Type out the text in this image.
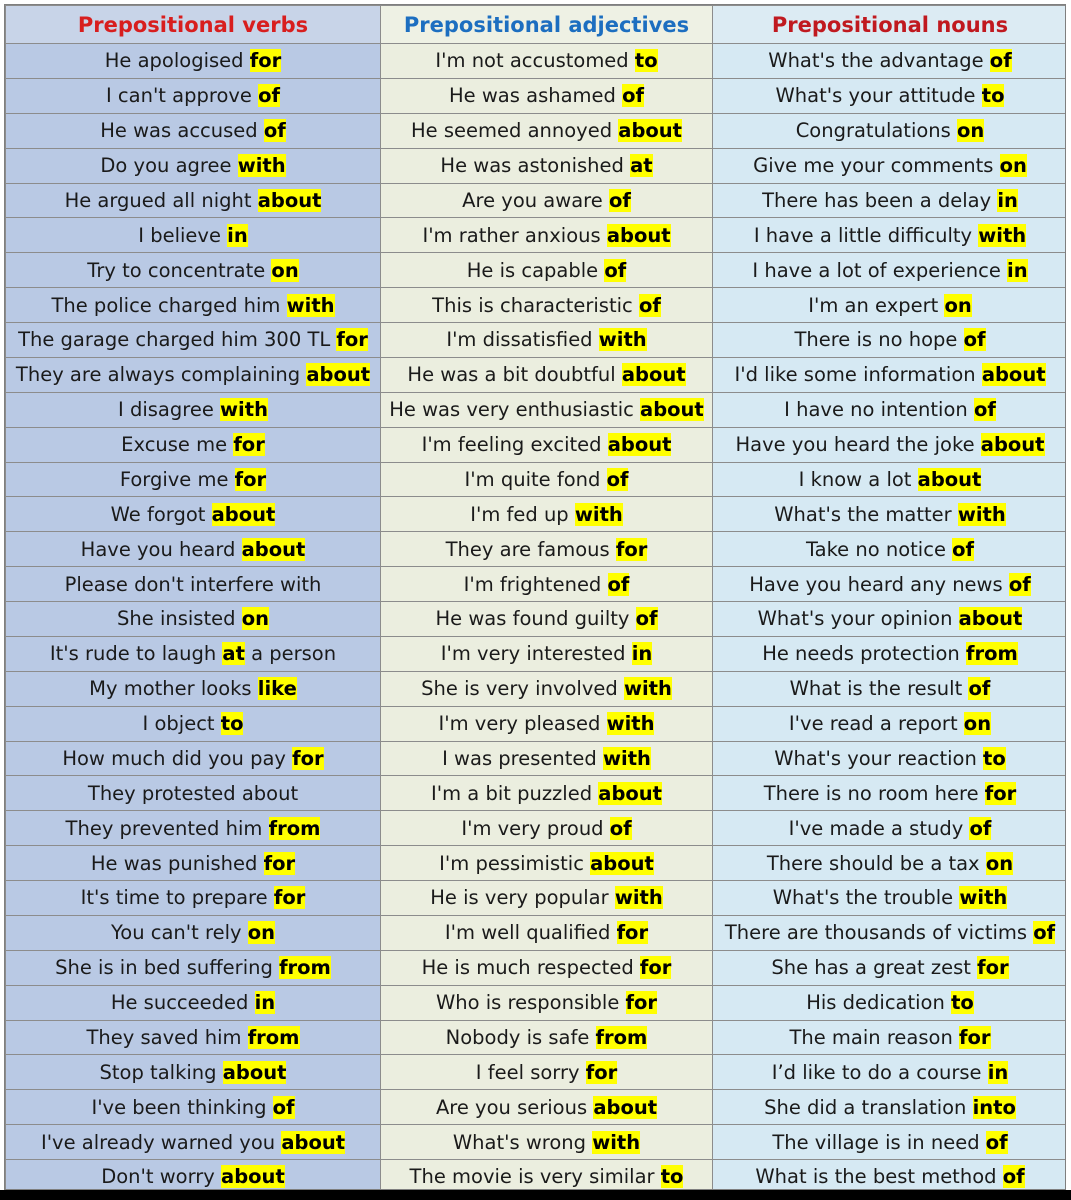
Prepositional verbs	Prepositional adjectives	Prepositional nouns
He apologised for	I'm not accustomed to	What's the advantage of
I can't approve of	He was ashamed of	What's your attitude to
He was accused of	He seemed annoyed about	Congratulations on
Do you agree with	He was astonished at	Give me your comments on
He argued all night about	Are you aware of	There has been a delay in
I believe in	I'm rather anxious about	I have a little difficulty with
Try to concentrate on	He is capable of	I have a lot of experience in
The police charged him with	This is characteristic of	I'm an expert on
The garage charged him 300 TL for	I'm dissatisfied with	There is no hope of
They are always complaining about	He was a bit doubtful about	I'd like some information about
I disagree with	He was very enthusiastic about	I have no intention of
Excuse me for	I'm feeling excited about	Have you heard the joke about
Forgive me for	I'm quite fond of	I know a lot about
We forgot about	I'm fed up with	What's the matter with
Have you heard about	They are famous for	Take no notice of
Please don't interfere with	I'm frightened of	Have you heard any news of
She insisted on	He was found guilty of	What's your opinion about
It's rude to laugh at a person	I'm very interested in	He needs protection from
My mother looks like	She is very involved with	What is the result of
I object to	I'm very pleased with	I've read a report on
How much did you pay for	I was presented with	What's your reaction to
They protested about	I'm a bit puzzled about	There is no room here for
They prevented him from	I'm very proud of	I've made a study of
He was punished for	I'm pessimistic about	There should be a tax on
It's time to prepare for	He is very popular with	What's the trouble with
You can't rely on	I'm well qualified for	There are thousands of victims of
She is in bed suffering from	He is much respected for	She has a great zest for
He succeeded in	Who is responsible for	His dedication to
They saved him from	Nobody is safe from	The main reason for
Stop talking about	I feel sorry for	I’d like to do a course in
I've been thinking of	Are you serious about	She did a translation into
I've already warned you about	What's wrong with	The village is in need of
Don't worry about	The movie is very similar to	What is the best method of
